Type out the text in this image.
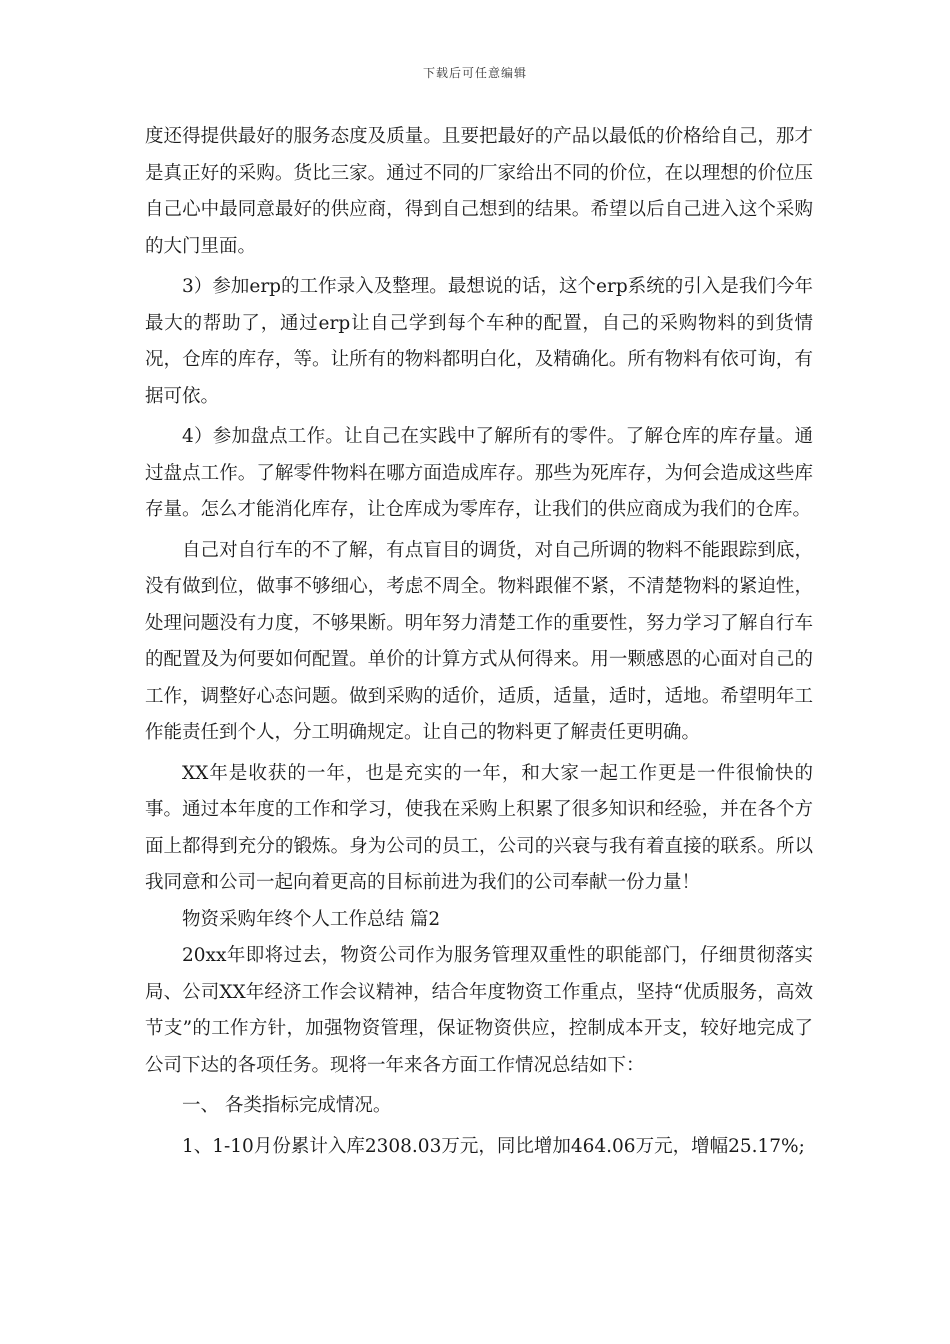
下载后可任意编辑

度还得提供最好的服务态度及质量。且要把最好的产品以最低的价格给自己，那才是真正好的采购。货比三家。通过不同的厂家给出不同的价位，在以理想的价位压自己心中最同意最好的供应商，得到自己想到的结果。希望以后自己进入这个采购的大门里面。

3）参加erp的工作录入及整理。最想说的话，这个erp系统的引入是我们今年最大的帮助了，通过erp让自己学到每个车种的配置，自己的采购物料的到货情况，仓库的库存，等。让所有的物料都明白化，及精确化。所有物料有依可询，有据可依。

4）参加盘点工作。让自己在实践中了解所有的零件。了解仓库的库存量。通过盘点工作。了解零件物料在哪方面造成库存。那些为死库存，为何会造成这些库存量。怎么才能消化库存，让仓库成为零库存，让我们的供应商成为我们的仓库。

自己对自行车的不了解，有点盲目的调货，对自己所调的物料不能跟踪到底，没有做到位，做事不够细心，考虑不周全。物料跟催不紧，不清楚物料的紧迫性，处理问题没有力度，不够果断。明年努力清楚工作的重要性，努力学习了解自行车的配置及为何要如何配置。单价的计算方式从何得来。用一颗感恩的心面对自己的工作，调整好心态问题。做到采购的适价，适质，适量，适时，适地。希望明年工作能责任到个人，分工明确规定。让自己的物料更了解责任更明确。

XX年是收获的一年，也是充实的一年，和大家一起工作更是一件很愉快的事。通过本年度的工作和学习，使我在采购上积累了很多知识和经验，并在各个方面上都得到充分的锻炼。身为公司的员工，公司的兴衰与我有着直接的联系。所以我同意和公司一起向着更高的目标前进为我们的公司奉献一份力量！

物资采购年终个人工作总结 篇2

20xx年即将过去，物资公司作为服务管理双重性的职能部门，仔细贯彻落实局、公司XX年经济工作会议精神，结合年度物资工作重点，坚持“优质服务，高效节支”的工作方针，加强物资管理，保证物资供应，控制成本开支，较好地完成了公司下达的各项任务。现将一年来各方面工作情况总结如下：

一、 各类指标完成情况。

1、1-10月份累计入库2308.03万元，同比增加464.06万元，增幅25.17%;
